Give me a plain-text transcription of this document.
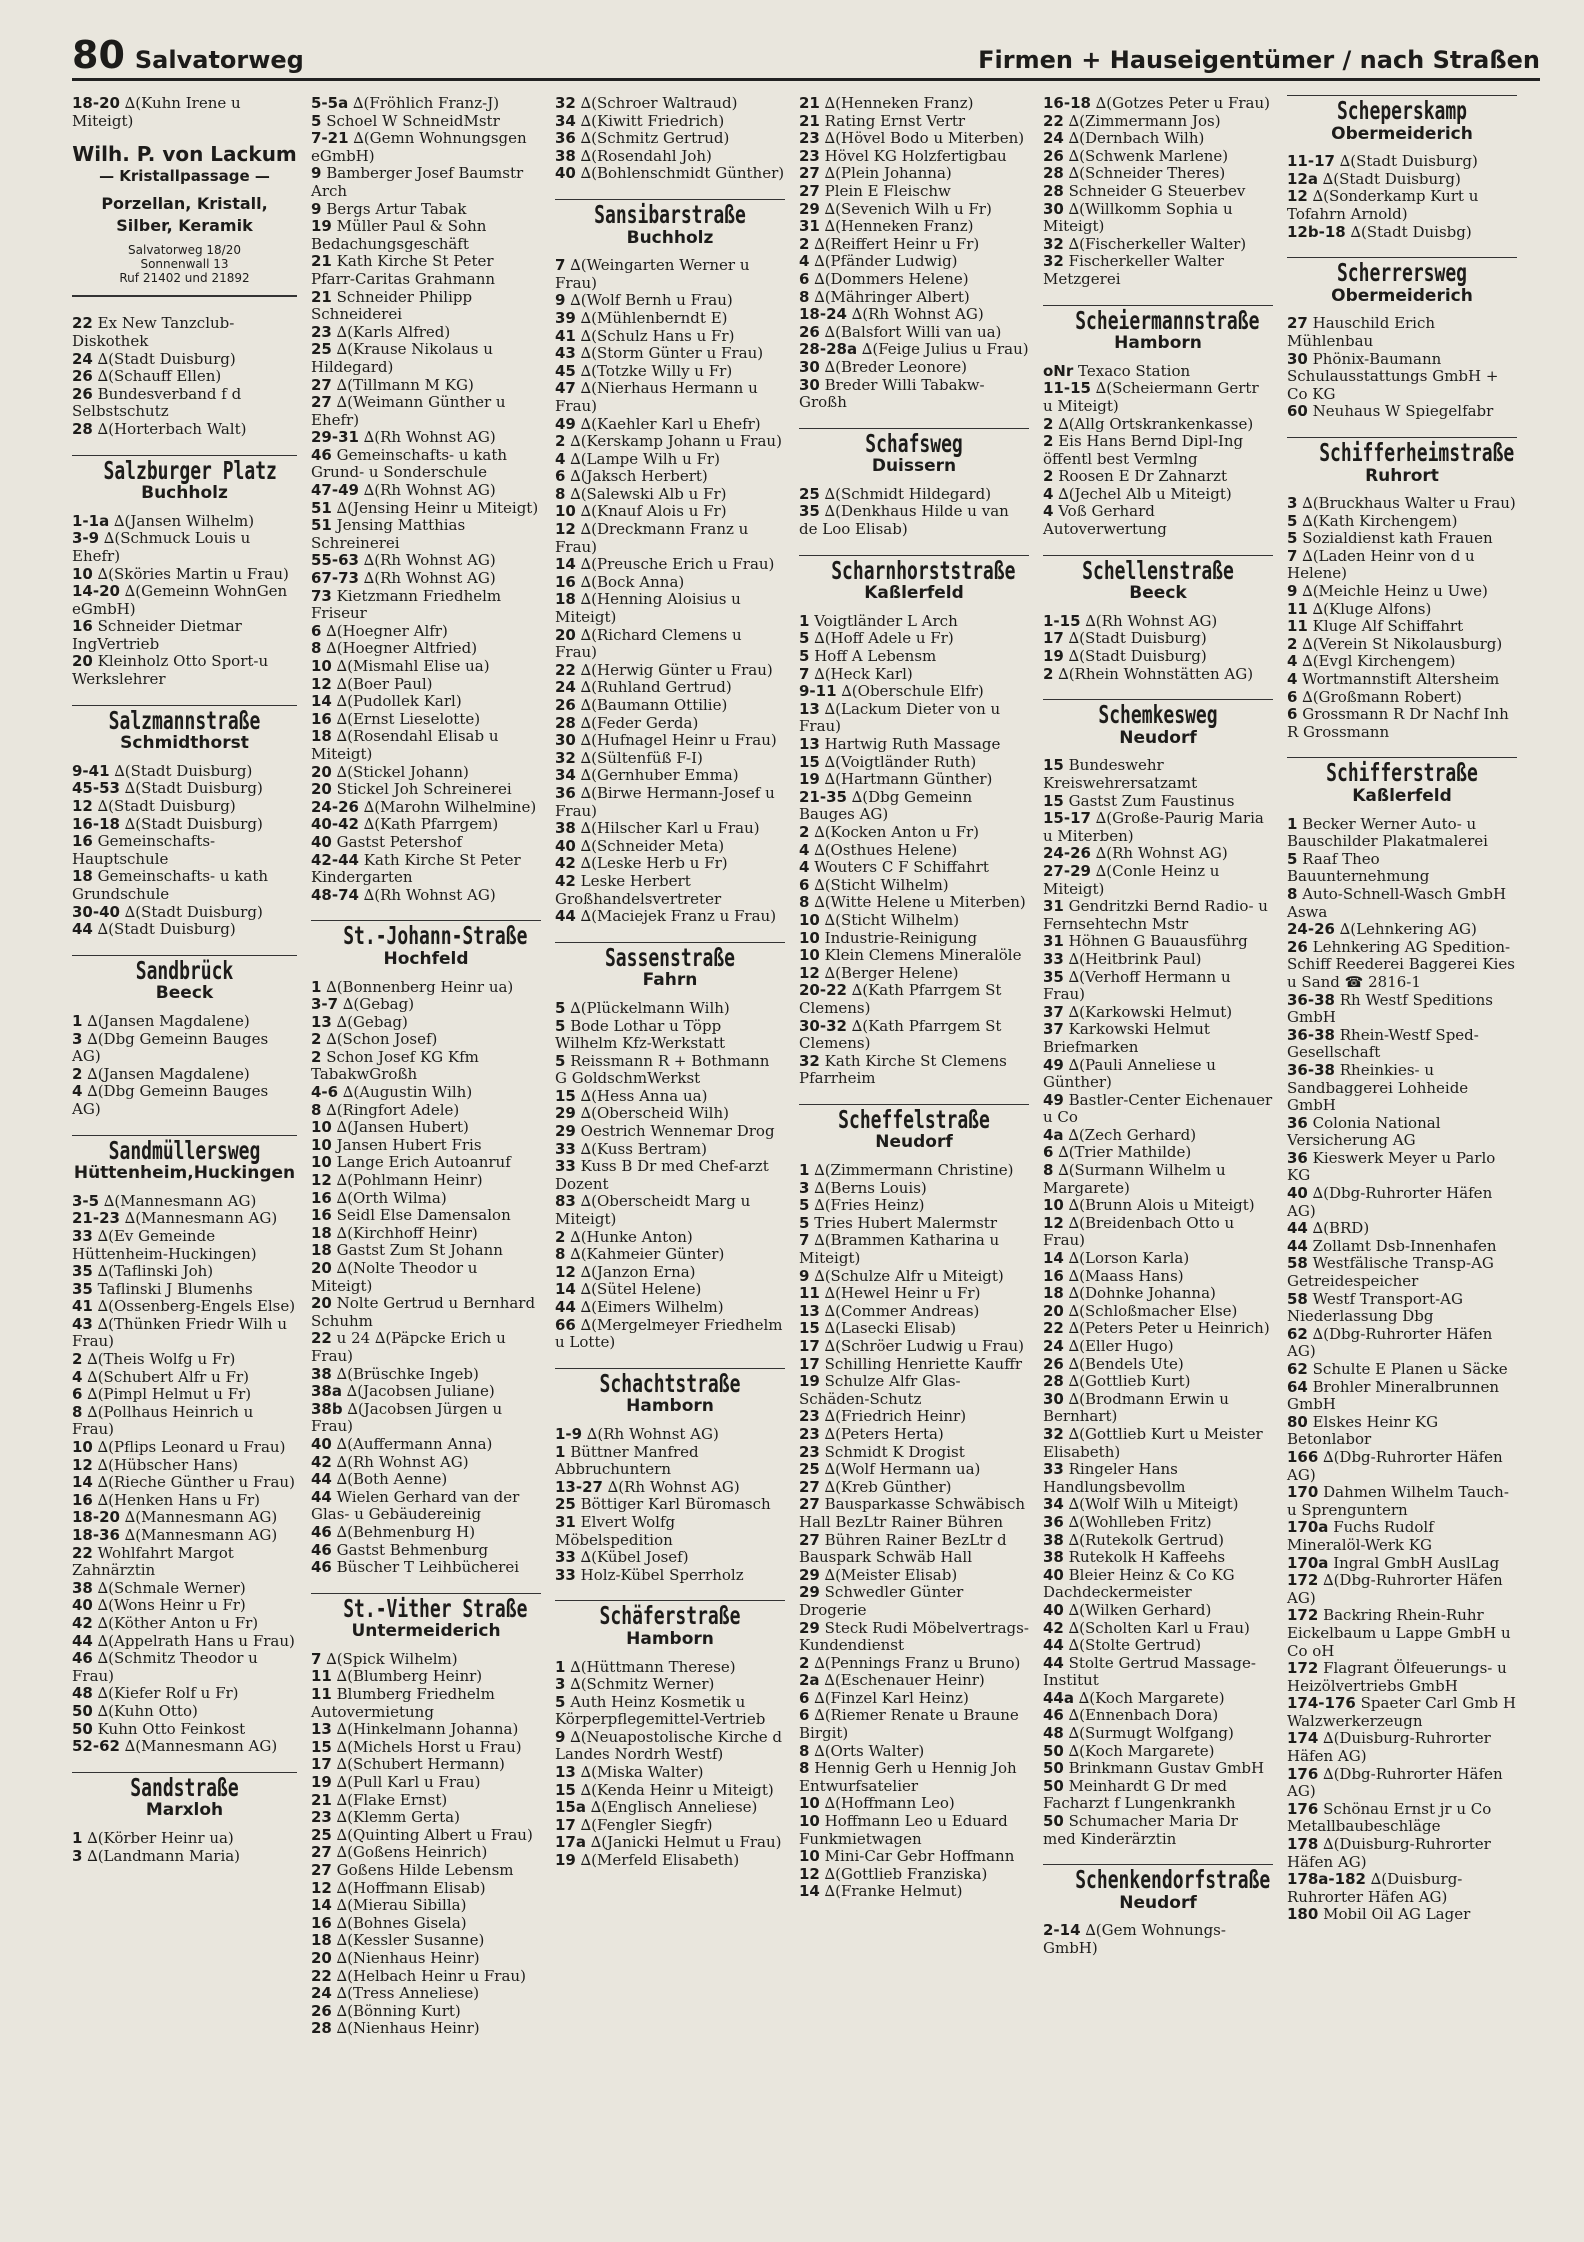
80 Salvatorweg	Firmen + Hauseigentümer / nach Straßen

18-20 ∆(Kuhn Irene u Miteigt)

Wilh. P. von Lackum
— Kristallpassage —
Porzellan, Kristall, Silber, Keramik
Salvatorweg 18/20
Sonnenwall 13
Ruf 21402 und 21892

22 Ex New Tanzclub-Diskothek

24 ∆(Stadt Duisburg)

26 ∆(Schauff Ellen)

26 Bundesverband f d Selbstschutz

28 ∆(Horterbach Walt)

Salzburger Platz
Buchholz

1-1a ∆(Jansen Wilhelm)

3-9 ∆(Schmuck Louis u Ehefr)

10 ∆(Sköries Martin u Frau)

14-20 ∆(Gemeinn WohnGen eGmbH)

16 Schneider Dietmar IngVertrieb

20 Kleinholz Otto Sport-u Werkslehrer

Salzmannstraße
Schmidthorst

9-41 ∆(Stadt Duisburg)

45-53 ∆(Stadt Duisburg)

12 ∆(Stadt Duisburg)

16-18 ∆(Stadt Duisburg)

16 Gemeinschafts-Hauptschule

18 Gemeinschafts- u kath Grundschule

30-40 ∆(Stadt Duisburg)

44 ∆(Stadt Duisburg)

Sandbrück
Beeck

1 ∆(Jansen Magdalene)

3 ∆(Dbg Gemeinn Bauges AG)

2 ∆(Jansen Magdalene)

4 ∆(Dbg Gemeinn Bauges AG)

Sandmüllersweg
Hüttenheim,Huckingen

3-5 ∆(Mannesmann AG)

21-23 ∆(Mannesmann AG)

33 ∆(Ev Gemeinde Hüttenheim-Huckingen)

35 ∆(Taflinski Joh)

35 Taflinski J Blumenhs

41 ∆(Ossenberg-Engels Else)

43 ∆(Thünken Friedr Wilh u Frau)

2 ∆(Theis Wolfg u Fr)

4 ∆(Schubert Alfr u Fr)

6 ∆(Pimpl Helmut u Fr)

8 ∆(Pollhaus Heinrich u Frau)

10 ∆(Pflips Leonard u Frau)

12 ∆(Hübscher Hans)

14 ∆(Rieche Günther u Frau)

16 ∆(Henken Hans u Fr)

18-20 ∆(Mannesmann AG)

18-36 ∆(Mannesmann AG)

22 Wohlfahrt Margot Zahnärztin

38 ∆(Schmale Werner)

40 ∆(Wons Heinr u Fr)

42 ∆(Köther Anton u Fr)

44 ∆(Appelrath Hans u Frau)

46 ∆(Schmitz Theodor u Frau)

48 ∆(Kiefer Rolf u Fr)

50 ∆(Kuhn Otto)

50 Kuhn Otto Feinkost

52-62 ∆(Mannesmann AG)

Sandstraße
Marxloh

1 ∆(Körber Heinr ua)

3 ∆(Landmann Maria)

5-5a ∆(Fröhlich Franz-J)

5 Schoel W SchneidMstr

7-21 ∆(Gemn Wohnungsgen eGmbH)

9 Bamberger Josef Baumstr Arch

9 Bergs Artur Tabak

19 Müller Paul & Sohn Bedachungsgeschäft

21 Kath Kirche St Peter Pfarr-Caritas Grahmann

21 Schneider Philipp Schneiderei

23 ∆(Karls Alfred)

25 ∆(Krause Nikolaus u Hildegard)

27 ∆(Tillmann M KG)

27 ∆(Weimann Günther u Ehefr)

29-31 ∆(Rh Wohnst AG)

46 Gemeinschafts- u kath Grund- u Sonderschule

47-49 ∆(Rh Wohnst AG)

51 ∆(Jensing Heinr u Miteigt)

51 Jensing Matthias Schreinerei

55-63 ∆(Rh Wohnst AG)

67-73 ∆(Rh Wohnst AG)

73 Kietzmann Friedhelm Friseur

6 ∆(Hoegner Alfr)

8 ∆(Hoegner Altfried)

10 ∆(Mismahl Elise ua)

12 ∆(Boer Paul)

14 ∆(Pudollek Karl)

16 ∆(Ernst Lieselotte)

18 ∆(Rosendahl Elisab u Miteigt)

20 ∆(Stickel Johann)

20 Stickel Joh Schreinerei

24-26 ∆(Marohn Wilhelmine)

40-42 ∆(Kath Pfarrgem)

40 Gastst Petershof

42-44 Kath Kirche St Peter Kindergarten

48-74 ∆(Rh Wohnst AG)

St.-Johann-Straße
Hochfeld

1 ∆(Bonnenberg Heinr ua)

3-7 ∆(Gebag)

13 ∆(Gebag)

2 ∆(Schon Josef)

2 Schon Josef KG Kfm TabakwGroßh

4-6 ∆(Augustin Wilh)

8 ∆(Ringfort Adele)

10 ∆(Jansen Hubert)

10 Jansen Hubert Fris

10 Lange Erich Autoanruf

12 ∆(Pohlmann Heinr)

16 ∆(Orth Wilma)

16 Seidl Else Damensalon

18 ∆(Kirchhoff Heinr)

18 Gastst Zum St Johann

20 ∆(Nolte Theodor u Miteigt)

20 Nolte Gertrud u Bernhard Schuhm

22 u 24 ∆(Päpcke Erich u Frau)

38 ∆(Brüschke Ingeb)

38a ∆(Jacobsen Juliane)

38b ∆(Jacobsen Jürgen u Frau)

40 ∆(Auffermann Anna)

42 ∆(Rh Wohnst AG)

44 ∆(Both Aenne)

44 Wielen Gerhard van der Glas- u Gebäudereinig

46 ∆(Behmenburg H)

46 Gastst Behmenburg

46 Büscher T Leihbücherei

St.-Vither Straße
Untermeiderich

7 ∆(Spick Wilhelm)

11 ∆(Blumberg Heinr)

11 Blumberg Friedhelm Autovermietung

13 ∆(Hinkelmann Johanna)

15 ∆(Michels Horst u Frau)

17 ∆(Schubert Hermann)

19 ∆(Pull Karl u Frau)

21 ∆(Flake Ernst)

23 ∆(Klemm Gerta)

25 ∆(Quinting Albert u Frau)

27 ∆(Goßens Heinrich)

27 Goßens Hilde Lebensm

12 ∆(Hoffmann Elisab)

14 ∆(Mierau Sibilla)

16 ∆(Bohnes Gisela)

18 ∆(Kessler Susanne)

20 ∆(Nienhaus Heinr)

22 ∆(Helbach Heinr u Frau)

24 ∆(Tress Anneliese)

26 ∆(Bönning Kurt)

28 ∆(Nienhaus Heinr)

32 ∆(Schroer Waltraud)

34 ∆(Kiwitt Friedrich)

36 ∆(Schmitz Gertrud)

38 ∆(Rosendahl Joh)

40 ∆(Bohlenschmidt Günther)

Sansibarstraße
Buchholz

7 ∆(Weingarten Werner u Frau)

9 ∆(Wolf Bernh u Frau)

39 ∆(Mühlenberndt E)

41 ∆(Schulz Hans u Fr)

43 ∆(Storm Günter u Frau)

45 ∆(Totzke Willy u Fr)

47 ∆(Nierhaus Hermann u Frau)

49 ∆(Kaehler Karl u Ehefr)

2 ∆(Kerskamp Johann u Frau)

4 ∆(Lampe Wilh u Fr)

6 ∆(Jaksch Herbert)

8 ∆(Salewski Alb u Fr)

10 ∆(Knauf Alois u Fr)

12 ∆(Dreckmann Franz u Frau)

14 ∆(Preusche Erich u Frau)

16 ∆(Bock Anna)

18 ∆(Henning Aloisius u Miteigt)

20 ∆(Richard Clemens u Frau)

22 ∆(Herwig Günter u Frau)

24 ∆(Ruhland Gertrud)

26 ∆(Baumann Ottilie)

28 ∆(Feder Gerda)

30 ∆(Hufnagel Heinr u Frau)

32 ∆(Sültenfüß F-I)

34 ∆(Gernhuber Emma)

36 ∆(Birwe Hermann-Josef u Frau)

38 ∆(Hilscher Karl u Frau)

40 ∆(Schneider Meta)

42 ∆(Leske Herb u Fr)

42 Leske Herbert Großhandelsvertreter

44 ∆(Maciejek Franz u Frau)

Sassenstraße
Fahrn

5 ∆(Plückelmann Wilh)

5 Bode Lothar u Töpp Wilhelm Kfz-Werkstatt

5 Reissmann R + Bothmann G GoldschmWerkst

15 ∆(Hess Anna ua)

29 ∆(Oberscheid Wilh)

29 Oestrich Wennemar Drog

33 ∆(Kuss Bertram)

33 Kuss B Dr med Chef-arzt Dozent

83 ∆(Oberscheidt Marg u Miteigt)

2 ∆(Hunke Anton)

8 ∆(Kahmeier Günter)

12 ∆(Janzon Erna)

14 ∆(Sütel Helene)

44 ∆(Eimers Wilhelm)

66 ∆(Mergelmeyer Friedhelm u Lotte)

Schachtstraße
Hamborn

1-9 ∆(Rh Wohnst AG)

1 Büttner Manfred Abbruchuntern

13-27 ∆(Rh Wohnst AG)

25 Böttiger Karl Büromasch

31 Elvert Wolfg Möbelspedition

33 ∆(Kübel Josef)

33 Holz-Kübel Sperrholz

Schäferstraße
Hamborn

1 ∆(Hüttmann Therese)

3 ∆(Schmitz Werner)

5 Auth Heinz Kosmetik u Körperpflegemittel-Vertrieb

9 ∆(Neuapostolische Kirche d Landes Nordrh Westf)

13 ∆(Miska Walter)

15 ∆(Kenda Heinr u Miteigt)

15a ∆(Englisch Anneliese)

17 ∆(Fengler Siegfr)

17a ∆(Janicki Helmut u Frau)

19 ∆(Merfeld Elisabeth)

21 ∆(Henneken Franz)

21 Rating Ernst Vertr

23 ∆(Hövel Bodo u Miterben)

23 Hövel KG Holzfertigbau

27 ∆(Plein Johanna)

27 Plein E Fleischw

29 ∆(Sevenich Wilh u Fr)

31 ∆(Henneken Franz)

2 ∆(Reiffert Heinr u Fr)

4 ∆(Pfänder Ludwig)

6 ∆(Dommers Helene)

8 ∆(Mähringer Albert)

18-24 ∆(Rh Wohnst AG)

26 ∆(Balsfort Willi van ua)

28-28a ∆(Feige Julius u Frau)

30 ∆(Breder Leonore)

30 Breder Willi Tabakw-Großh

Schafsweg
Duissern

25 ∆(Schmidt Hildegard)

35 ∆(Denkhaus Hilde u van de Loo Elisab)

Scharnhorststraße
Kaßlerfeld

1 Voigtländer L Arch

5 ∆(Hoff Adele u Fr)

5 Hoff A Lebensm

7 ∆(Heck Karl)

9-11 ∆(Oberschule Elfr)

13 ∆(Lackum Dieter von u Frau)

13 Hartwig Ruth Massage

15 ∆(Voigtländer Ruth)

19 ∆(Hartmann Günther)

21-35 ∆(Dbg Gemeinn Bauges AG)

2 ∆(Kocken Anton u Fr)

4 ∆(Osthues Helene)

4 Wouters C F Schiffahrt

6 ∆(Sticht Wilhelm)

8 ∆(Witte Helene u Miterben)

10 ∆(Sticht Wilhelm)

10 Industrie-Reinigung

10 Klein Clemens Mineralöle

12 ∆(Berger Helene)

20-22 ∆(Kath Pfarrgem St Clemens)

30-32 ∆(Kath Pfarrgem St Clemens)

32 Kath Kirche St Clemens Pfarrheim

Scheffelstraße
Neudorf

1 ∆(Zimmermann Christine)

3 ∆(Berns Louis)

5 ∆(Fries Heinz)

5 Tries Hubert Malermstr

7 ∆(Brammen Katharina u Miteigt)

9 ∆(Schulze Alfr u Miteigt)

11 ∆(Hewel Heinr u Fr)

13 ∆(Commer Andreas)

15 ∆(Lasecki Elisab)

17 ∆(Schröer Ludwig u Frau)

17 Schilling Henriette Kauffr

19 Schulze Alfr Glas-Schäden-Schutz

23 ∆(Friedrich Heinr)

23 ∆(Peters Herta)

23 Schmidt K Drogist

25 ∆(Wolf Hermann ua)

27 ∆(Kreb Günther)

27 Bausparkasse Schwäbisch Hall BezLtr Rainer Bühren

27 Bühren Rainer BezLtr d Bauspark Schwäb Hall

29 ∆(Meister Elisab)

29 Schwedler Günter Drogerie

29 Steck Rudi Möbelvertrags-Kundendienst

2 ∆(Pennings Franz u Bruno)

2a ∆(Eschenauer Heinr)

6 ∆(Finzel Karl Heinz)

6 ∆(Riemer Renate u Braune Birgit)

8 ∆(Orts Walter)

8 Hennig Gerh u Hennig Joh Entwurfsatelier

10 ∆(Hoffmann Leo)

10 Hoffmann Leo u Eduard Funkmietwagen

10 Mini-Car Gebr Hoffmann

12 ∆(Gottlieb Franziska)

14 ∆(Franke Helmut)

16-18 ∆(Gotzes Peter u Frau)

22 ∆(Zimmermann Jos)

24 ∆(Dernbach Wilh)

26 ∆(Schwenk Marlene)

28 ∆(Schneider Theres)

28 Schneider G Steuerbev

30 ∆(Willkomm Sophia u Miteigt)

32 ∆(Fischerkeller Walter)

32 Fischerkeller Walter Metzgerei

Scheiermannstraße
Hamborn

oNr Texaco Station

11-15 ∆(Scheiermann Gertr u Miteigt)

2 ∆(Allg Ortskrankenkasse)

2 Eis Hans Bernd Dipl-Ing öffentl best Vermlng

2 Roosen E Dr Zahnarzt

4 ∆(Jechel Alb u Miteigt)

4 Voß Gerhard Autoverwertung

Schellenstraße
Beeck

1-15 ∆(Rh Wohnst AG)

17 ∆(Stadt Duisburg)

19 ∆(Stadt Duisburg)

2 ∆(Rhein Wohnstätten AG)

Schemkesweg
Neudorf

15 Bundeswehr Kreiswehrersatzamt

15 Gastst Zum Faustinus

15-17 ∆(Große-Paurig Maria u Miterben)

24-26 ∆(Rh Wohnst AG)

27-29 ∆(Conle Heinz u Miteigt)

31 Gendritzki Bernd Radio- u Fernsehtechn Mstr

31 Höhnen G Bauausführg

33 ∆(Heitbrink Paul)

35 ∆(Verhoff Hermann u Frau)

37 ∆(Karkowski Helmut)

37 Karkowski Helmut Briefmarken

49 ∆(Pauli Anneliese u Günther)

49 Bastler-Center Eichenauer u Co

4a ∆(Zech Gerhard)

6 ∆(Trier Mathilde)

8 ∆(Surmann Wilhelm u Margarete)

10 ∆(Brunn Alois u Miteigt)

12 ∆(Breidenbach Otto u Frau)

14 ∆(Lorson Karla)

16 ∆(Maass Hans)

18 ∆(Dohnke Johanna)

20 ∆(Schloßmacher Else)

22 ∆(Peters Peter u Heinrich)

24 ∆(Eller Hugo)

26 ∆(Bendels Ute)

28 ∆(Gottlieb Kurt)

30 ∆(Brodmann Erwin u Bernhart)

32 ∆(Gottlieb Kurt u Meister Elisabeth)

33 Ringeler Hans Handlungsbevollm

34 ∆(Wolf Wilh u Miteigt)

36 ∆(Wohlleben Fritz)

38 ∆(Rutekolk Gertrud)

38 Rutekolk H Kaffeehs

40 Bleier Heinz & Co KG Dachdeckermeister

40 ∆(Wilken Gerhard)

42 ∆(Scholten Karl u Frau)

44 ∆(Stolte Gertrud)

44 Stolte Gertrud Massage-Institut

44a ∆(Koch Margarete)

46 ∆(Ennenbach Dora)

48 ∆(Surmugt Wolfgang)

50 ∆(Koch Margarete)

50 Brinkmann Gustav GmbH

50 Meinhardt G Dr med Facharzt f Lungenkrankh

50 Schumacher Maria Dr med Kinderärztin

Schenkendorfstraße
Neudorf

2-14 ∆(Gem Wohnungs-GmbH)

Scheperskamp
Obermeiderich

11-17 ∆(Stadt Duisburg)

12a ∆(Stadt Duisburg)

12 ∆(Sonderkamp Kurt u Tofahrn Arnold)

12b-18 ∆(Stadt Duisbg)

Scherrersweg
Obermeiderich

27 Hauschild Erich Mühlenbau

30 Phönix-Baumann Schulausstattungs GmbH + Co KG

60 Neuhaus W Spiegelfabr

Schifferheimstraße
Ruhrort

3 ∆(Bruckhaus Walter u Frau)

5 ∆(Kath Kirchengem)

5 Sozialdienst kath Frauen

7 ∆(Laden Heinr von d u Helene)

9 ∆(Meichle Heinz u Uwe)

11 ∆(Kluge Alfons)

11 Kluge Alf Schiffahrt

2 ∆(Verein St Nikolausburg)

4 ∆(Evgl Kirchengem)

4 Wortmannstift Altersheim

6 ∆(Großmann Robert)

6 Grossmann R Dr Nachf Inh R Grossmann

Schifferstraße
Kaßlerfeld

1 Becker Werner Auto- u Bauschilder Plakatmalerei

5 Raaf Theo Bauunternehmung

8 Auto-Schnell-Wasch GmbH Aswa

24-26 ∆(Lehnkering AG)

26 Lehnkering AG Spedition-Schiff Reederei Baggerei Kies u Sand ☎ 2816-1

36-38 Rh Westf Speditions GmbH

36-38 Rhein-Westf Sped-Gesellschaft

36-38 Rheinkies- u Sandbaggerei Lohheide GmbH

36 Colonia National Versicherung AG

36 Kieswerk Meyer u Parlo KG

40 ∆(Dbg-Ruhrorter Häfen AG)

44 ∆(BRD)

44 Zollamt Dsb-Innenhafen

58 Westfälische Transp-AG Getreidespeicher

58 Westf Transport-AG Niederlassung Dbg

62 ∆(Dbg-Ruhrorter Häfen AG)

62 Schulte E Planen u Säcke

64 Brohler Mineralbrunnen GmbH

80 Elskes Heinr KG Betonlabor

166 ∆(Dbg-Ruhrorter Häfen AG)

170 Dahmen Wilhelm Tauch- u Sprenguntern

170a Fuchs Rudolf Mineralöl-Werk KG

170a Ingral GmbH AuslLag

172 ∆(Dbg-Ruhrorter Häfen AG)

172 Backring Rhein-Ruhr Eickelbaum u Lappe GmbH u Co oH

172 Flagrant Ölfeuerungs- u Heizölvertriebs GmbH

174-176 Spaeter Carl Gmb H Walzwerkerzeugn

174 ∆(Duisburg-Ruhrorter Häfen AG)

176 ∆(Dbg-Ruhrorter Häfen AG)

176 Schönau Ernst jr u Co Metallbaubeschläge

178 ∆(Duisburg-Ruhrorter Häfen AG)

178a-182 ∆(Duisburg-Ruhrorter Häfen AG)

180 Mobil Oil AG Lager
